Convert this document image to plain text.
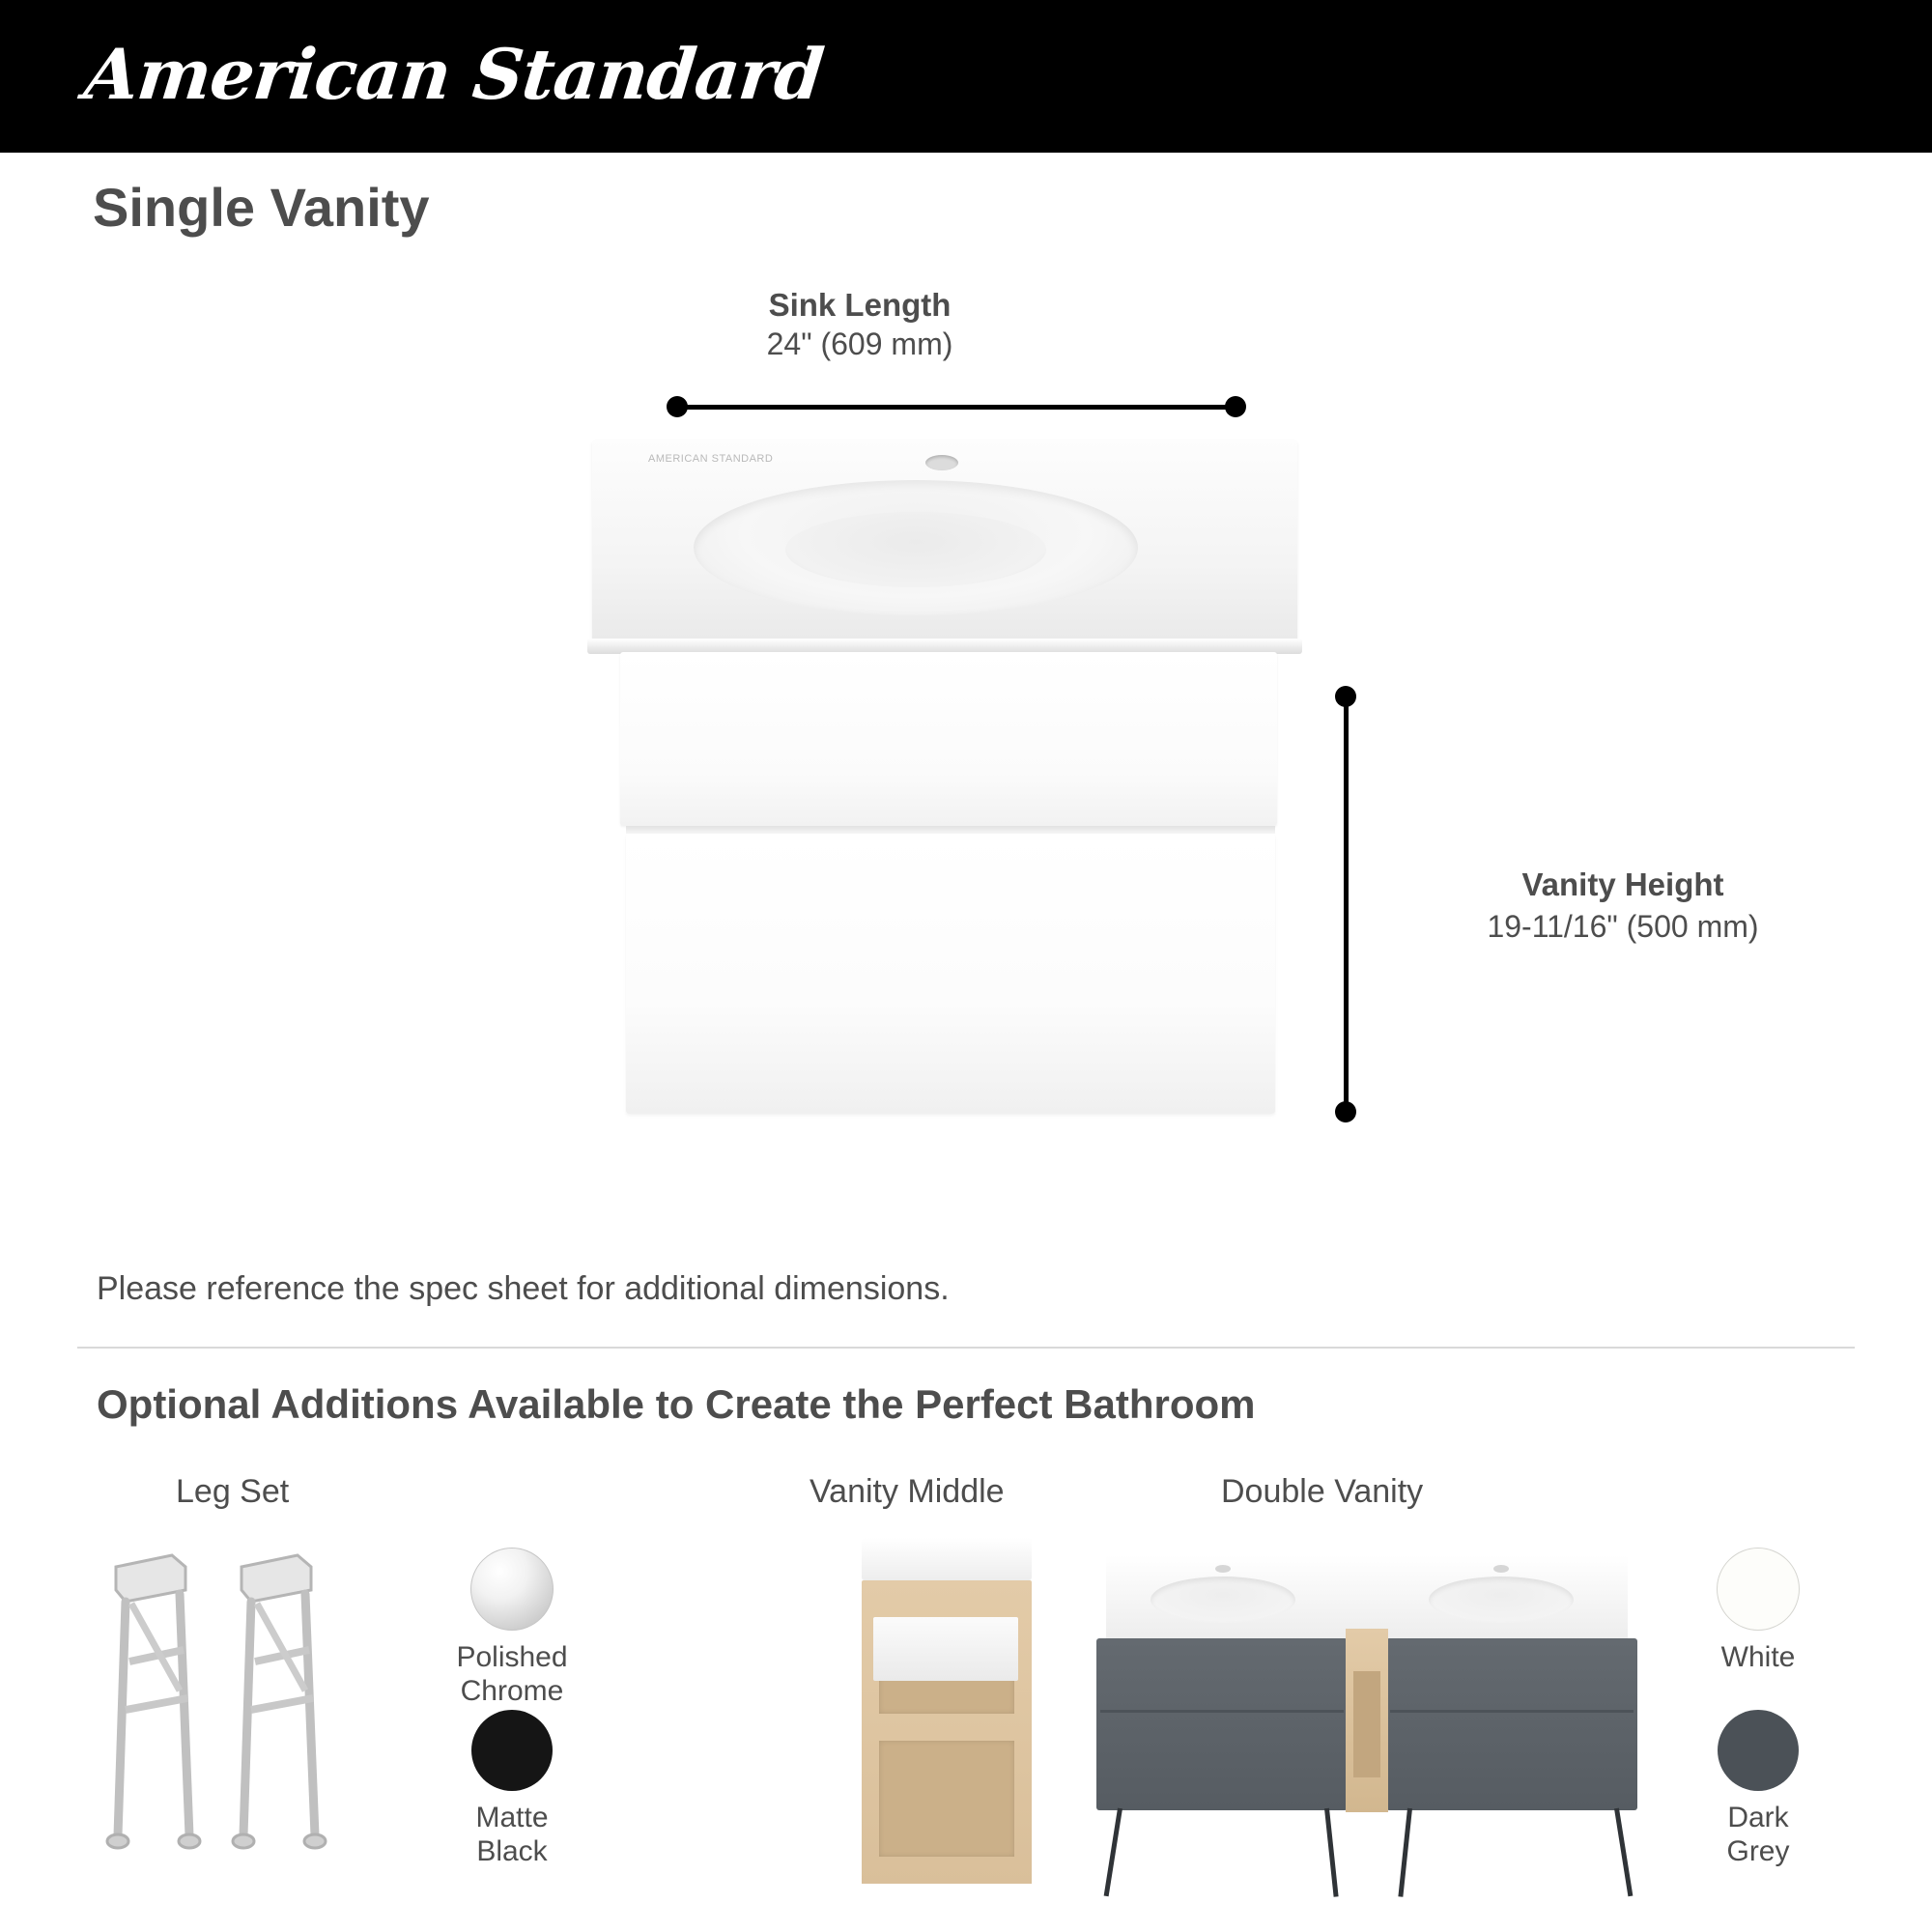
American Standard
Single Vanity
Sink Length
24" (609 mm)
AMERICAN STANDARD
Vanity Height
19-11/16" (500 mm)
Please reference the spec sheet for additional dimensions.
Optional Additions Available to Create the Perfect Bathroom
Leg Set	Vanity Middle	Double Vanity
Polished
Chrome
Matte
Black
White
Dark
Grey
